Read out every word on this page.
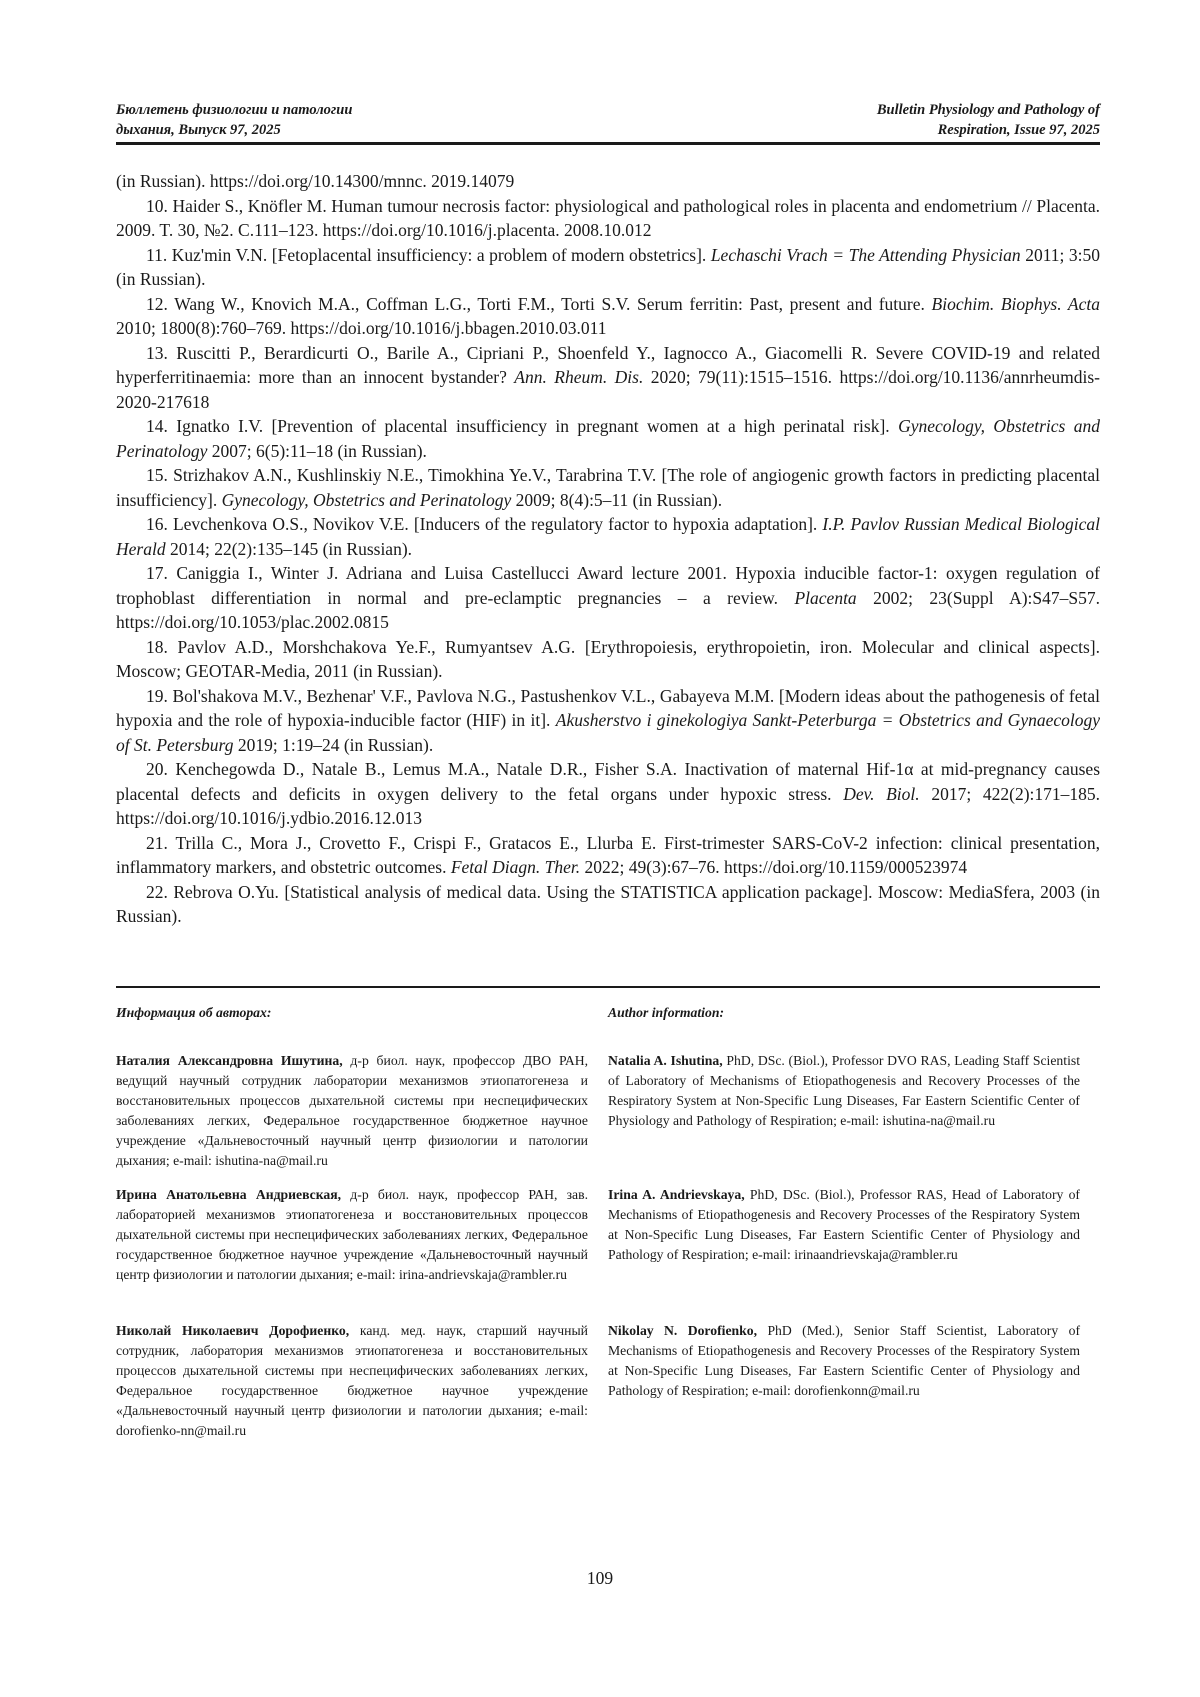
Бюллетень физиологии и патологии
дыхания, Выпуск 97, 2025
Bulletin Physiology and Pathology of
Respiration, Issue 97, 2025
(in Russian). https://doi.org/10.14300/mnnc. 2019.14079
10. Haider S., Knöfler M. Human tumour necrosis factor: physiological and pathological roles in placenta and endometrium // Placenta. 2009. T. 30, №2. C.111–123. https://doi.org/10.1016/j.placenta. 2008.10.012
11. Kuz'min V.N. [Fetoplacental insufficiency: a problem of modern obstetrics]. Lechaschi Vrach = The Attending Physician 2011; 3:50 (in Russian).
12. Wang W., Knovich M.A., Coffman L.G., Torti F.M., Torti S.V. Serum ferritin: Past, present and future. Biochim. Biophys. Acta 2010; 1800(8):760–769. https://doi.org/10.1016/j.bbagen.2010.03.011
13. Ruscitti P., Berardicurti O., Barile A., Cipriani P., Shoenfeld Y., Iagnocco A., Giacomelli R. Severe COVID-19 and related hyperferritinaemia: more than an innocent bystander? Ann. Rheum. Dis. 2020; 79(11):1515–1516. https://doi.org/10.1136/annrheumdis-2020-217618
14. Ignatko I.V. [Prevention of placental insufficiency in pregnant women at a high perinatal risk]. Gynecology, Obstetrics and Perinatology 2007; 6(5):11–18 (in Russian).
15. Strizhakov A.N., Kushlinskiy N.E., Timokhina Ye.V., Tarabrina T.V. [The role of angiogenic growth factors in predicting placental insufficiency]. Gynecology, Obstetrics and Perinatology 2009; 8(4):5–11 (in Russian).
16. Levchenkova O.S., Novikov V.E. [Inducers of the regulatory factor to hypoxia adaptation]. I.P. Pavlov Russian Medical Biological Herald 2014; 22(2):135–145 (in Russian).
17. Caniggia I., Winter J. Adriana and Luisa Castellucci Award lecture 2001. Hypoxia inducible factor-1: oxygen regulation of trophoblast differentiation in normal and pre-eclamptic pregnancies – a review. Placenta 2002; 23(Suppl A):S47–S57. https://doi.org/10.1053/plac.2002.0815
18. Pavlov A.D., Morshchakova Ye.F., Rumyantsev A.G. [Erythropoiesis, erythropoietin, iron. Molecular and clinical aspects]. Moscow; GEOTAR-Media, 2011 (in Russian).
19. Bol'shakova M.V., Bezhenar' V.F., Pavlova N.G., Pastushenkov V.L., Gabayeva M.M. [Modern ideas about the pathogenesis of fetal hypoxia and the role of hypoxia-inducible factor (HIF) in it]. Akusherstvo i ginekologiya Sankt-Peterburga = Obstetrics and Gynaecology of St. Petersburg 2019; 1:19–24 (in Russian).
20. Kenchegowda D., Natale B., Lemus M.A., Natale D.R., Fisher S.A. Inactivation of maternal Hif-1α at mid-pregnancy causes placental defects and deficits in oxygen delivery to the fetal organs under hypoxic stress. Dev. Biol. 2017; 422(2):171–185. https://doi.org/10.1016/j.ydbio.2016.12.013
21. Trilla C., Mora J., Crovetto F., Crispi F., Gratacos E., Llurba E. First-trimester SARS-CoV-2 infection: clinical presentation, inflammatory markers, and obstetric outcomes. Fetal Diagn. Ther. 2022; 49(3):67–76. https://doi.org/10.1159/000523974
22. Rebrova O.Yu. [Statistical analysis of medical data. Using the STATISTICA application package]. Moscow: MediaSfera, 2003 (in Russian).
Информация об авторах:
Наталия Александровна Ишутина, д-р биол. наук, профессор ДВО РАН, ведущий научный сотрудник лаборатории механизмов этиопатогенеза и восстановительных процессов дыхательной системы при неспецифических заболеваниях легких, Федеральное государственное бюджетное научное учреждение «Дальневосточный научный центр физиологии и патологии дыхания; e-mail: ishutina-na@mail.ru
Ирина Анатольевна Андриевская, д-р биол. наук, профессор РАН, зав. лабораторией механизмов этиопатогенеза и восстановительных процессов дыхательной системы при неспецифических заболеваниях легких, Федеральное государственное бюджетное научное учреждение «Дальневосточный научный центр физиологии и патологии дыхания; e-mail: irina-andrievskaja@rambler.ru
Николай Николаевич Дорофиенко, канд. мед. наук, старший научный сотрудник, лаборатория механизмов этиопатогенеза и восстановительных процессов дыхательной системы при неспецифических заболеваниях легких, Федеральное государственное бюджетное научное учреждение «Дальневосточный научный центр физиологии и патологии дыхания; e-mail: dorofienko-nn@mail.ru
Author information:
Natalia A. Ishutina, PhD, DSc. (Biol.), Professor DVO RAS, Leading Staff Scientist of Laboratory of Mechanisms of Etiopathogenesis and Recovery Processes of the Respiratory System at Non-Specific Lung Diseases, Far Eastern Scientific Center of Physiology and Pathology of Respiration; e-mail: ishutina-na@mail.ru
Irina A. Andrievskaya, PhD, DSc. (Biol.), Professor RAS, Head of Laboratory of Mechanisms of Etiopathogenesis and Recovery Processes of the Respiratory System at Non-Specific Lung Diseases, Far Eastern Scientific Center of Physiology and Pathology of Respiration; e-mail: irinaandrievskaja@rambler.ru
Nikolay N. Dorofienko, PhD (Med.), Senior Staff Scientist, Laboratory of Mechanisms of Etiopathogenesis and Recovery Processes of the Respiratory System at Non-Specific Lung Diseases, Far Eastern Scientific Center of Physiology and Pathology of Respiration; e-mail: dorofienkonn@mail.ru
109
